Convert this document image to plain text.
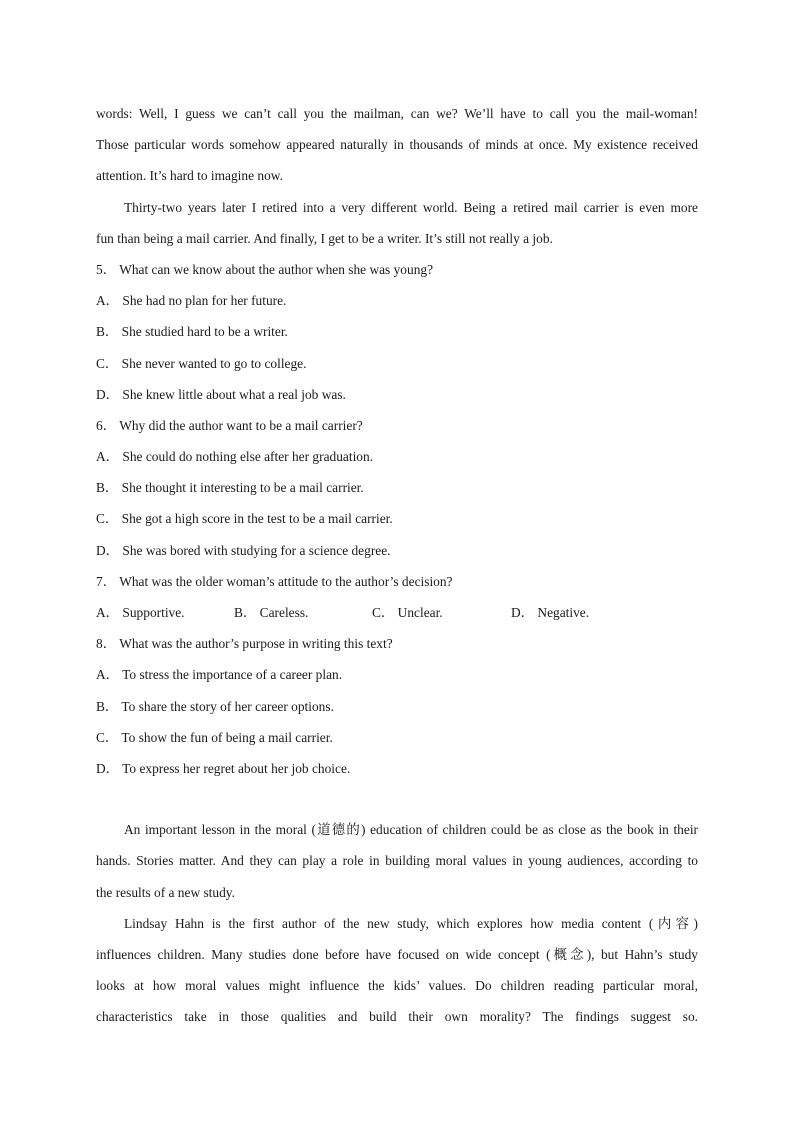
words: Well, I guess we can’t call you the mailman, can we? We’ll have to call you the mail-woman!
Those particular words somehow appeared naturally in thousands of minds at once. My existence received
attention. It’s hard to imagine now.
Thirty-two years later I retired into a very different world. Being a retired mail carrier is even more
fun than being a mail carrier. And finally, I get to be a writer. It’s still not really a job.
5． What can we know about the author when she was young?
A． She had no plan for her future.
B． She studied hard to be a writer.
C． She never wanted to go to college.
D． She knew little about what a real job was.
6． Why did the author want to be a mail carrier?
A． She could do nothing else after her graduation.
B． She thought it interesting to be a mail carrier.
C． She got a high score in the test to be a mail carrier.
D． She was bored with studying for a science degree.
7． What was the older woman’s attitude to the author’s decision?
A． Supportive.	B． Careless.	C． Unclear.	D． Negative.
8． What was the author’s purpose in writing this text?
A． To stress the importance of a career plan.
B． To share the story of her career options.
C． To show the fun of being a mail carrier.
D． To express her regret about her job choice.
An important lesson in the moral (道德的) education of children could be as close as the book in their
hands. Stories matter. And they can play a role in building moral values in young audiences, according to
the results of a new study.
Lindsay Hahn is the first author of the new study, which explores how media content (内容)
influences children. Many studies done before have focused on wide concept (概念), but Hahn’s study
looks at how moral values might influence the kids’ values. Do children reading particular moral,
characteristics take in those qualities and build their own morality? The findings suggest so.
